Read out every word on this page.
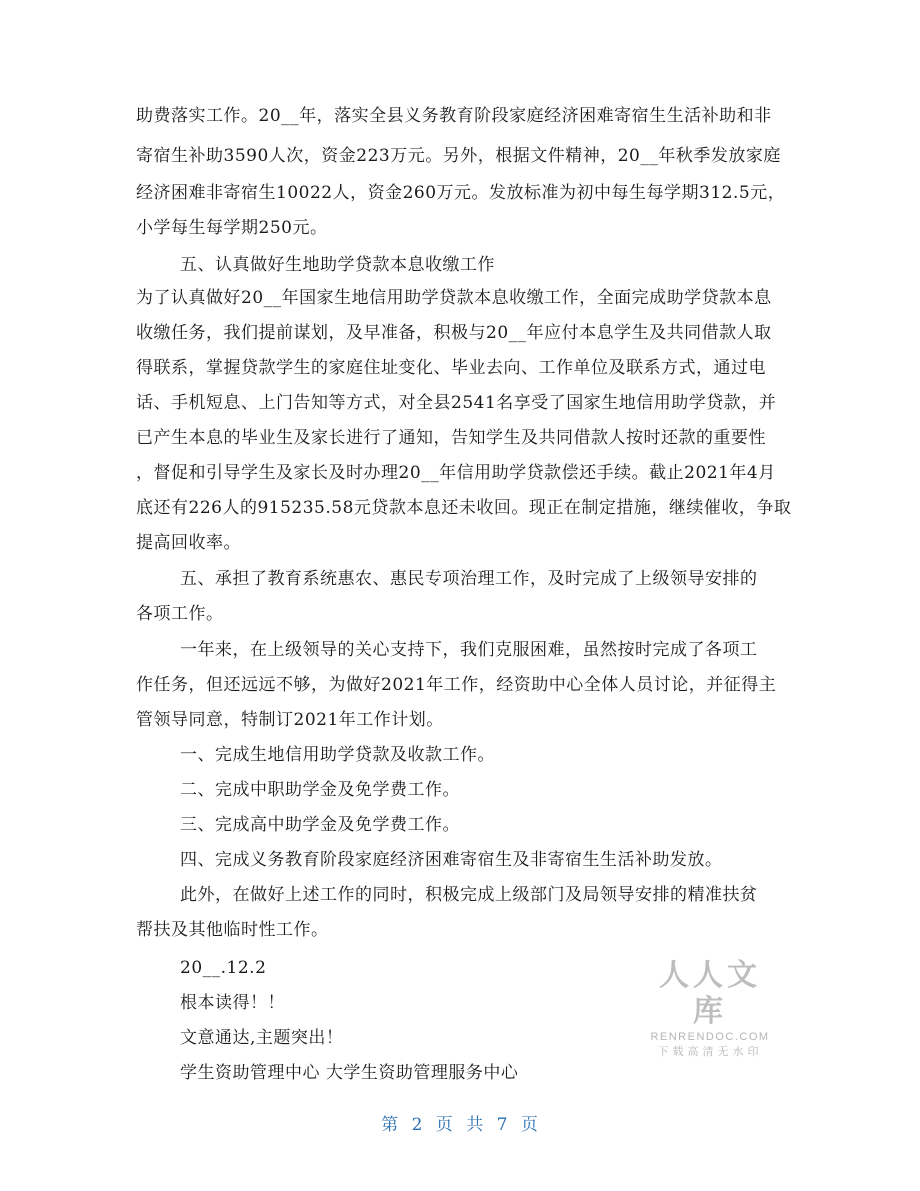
助费落实工作。20__年，落实全县义务教育阶段家庭经济困难寄宿生生活补助和非
寄宿生补助3590人次，资金223万元。另外，根据文件精神，20__年秋季发放家庭
经济困难非寄宿生10022人，资金260万元。发放标准为初中每生每学期312.5元，
小学每生每学期250元。
五、认真做好生地助学贷款本息收缴工作
为了认真做好20__年国家生地信用助学贷款本息收缴工作，全面完成助学贷款本息
收缴任务，我们提前谋划，及早准备，积极与20__年应付本息学生及共同借款人取
得联系，掌握贷款学生的家庭住址变化、毕业去向、工作单位及联系方式，通过电
话、手机短息、上门告知等方式，对全县2541名享受了国家生地信用助学贷款，并
已产生本息的毕业生及家长进行了通知，告知学生及共同借款人按时还款的重要性
，督促和引导学生及家长及时办理20__年信用助学贷款偿还手续。截止2021年4月
底还有226人的915235.58元贷款本息还未收回。现正在制定措施，继续催收，争取
提高回收率。
五、承担了教育系统惠农、惠民专项治理工作，及时完成了上级领导安排的
各项工作。
一年来，在上级领导的关心支持下，我们克服困难，虽然按时完成了各项工
作任务，但还远远不够，为做好2021年工作，经资助中心全体人员讨论，并征得主
管领导同意，特制订2021年工作计划。
一、完成生地信用助学贷款及收款工作。
二、完成中职助学金及免学费工作。
三、完成高中助学金及免学费工作。
四、完成义务教育阶段家庭经济困难寄宿生及非寄宿生生活补助发放。
此外，在做好上述工作的同时，积极完成上级部门及局领导安排的精准扶贫
帮扶及其他临时性工作。
20__.12.2
根本读得！！
文意通达,主题突出！
学生资助管理中心 大学生资助管理服务中心
人人文库
RENRENDOC.COM
下载高清无水印
第 2 页 共 7 页
